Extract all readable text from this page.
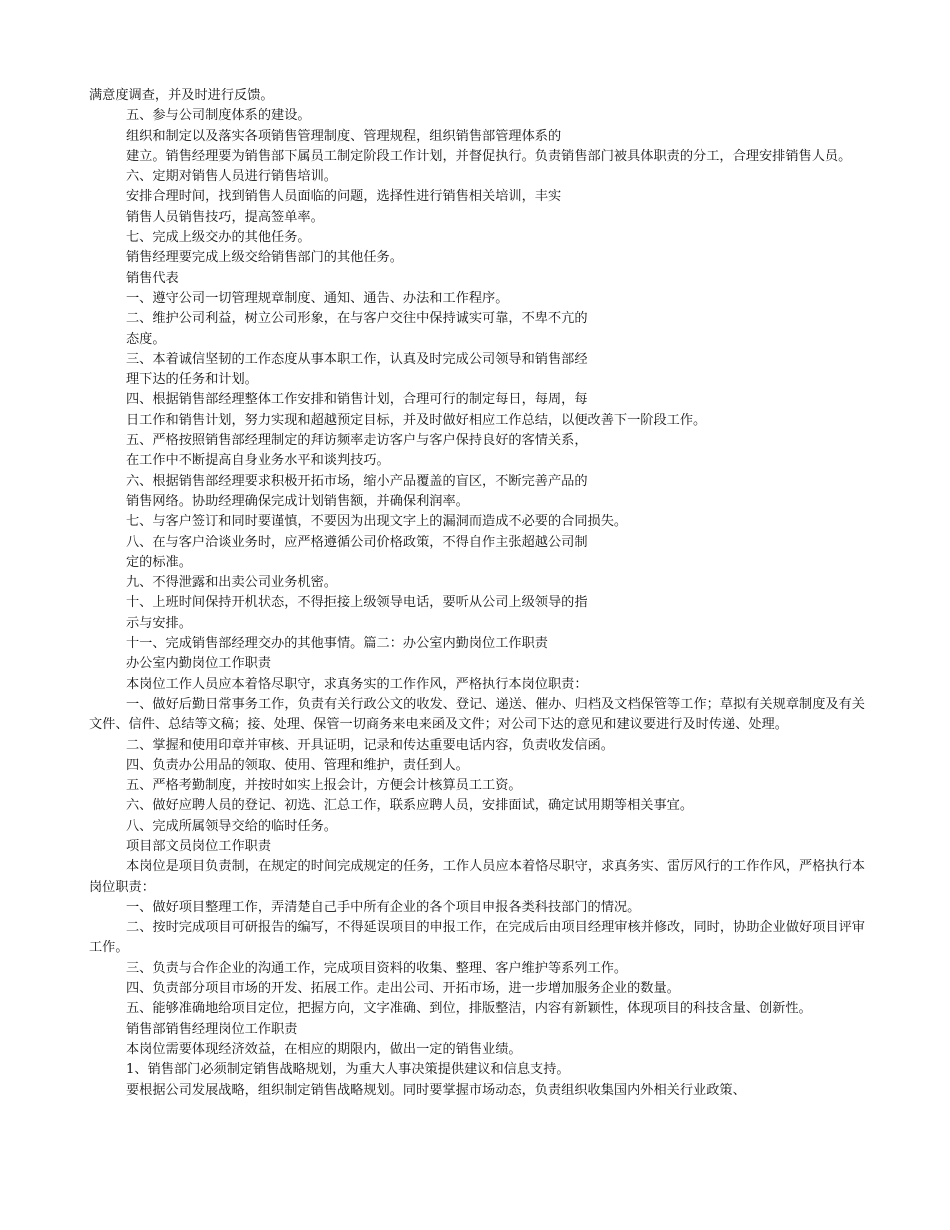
满意度调查，并及时进行反馈。

五、参与公司制度体系的建设。

组织和制定以及落实各项销售管理制度、管理规程，组织销售部管理体系的

建立。销售经理要为销售部下属员工制定阶段工作计划，并督促执行。负责销售部门被具体职责的分工，合理安排销售人员。

六、定期对销售人员进行销售培训。

安排合理时间，找到销售人员面临的问题，选择性进行销售相关培训，丰实

销售人员销售技巧，提高签单率。

七、完成上级交办的其他任务。

销售经理要完成上级交给销售部门的其他任务。

销售代表

一、遵守公司一切管理规章制度、通知、通告、办法和工作程序。

二、维护公司利益，树立公司形象，在与客户交往中保持诚实可靠，不卑不亢的

态度。

三、本着诚信坚韧的工作态度从事本职工作，认真及时完成公司领导和销售部经

理下达的任务和计划。

四、根据销售部经理整体工作安排和销售计划，合理可行的制定每日，每周，每

日工作和销售计划，努力实现和超越预定目标，并及时做好相应工作总结，以便改善下一阶段工作。

五、严格按照销售部经理制定的拜访频率走访客户与客户保持良好的客情关系，

在工作中不断提高自身业务水平和谈判技巧。

六、根据销售部经理要求积极开拓市场，缩小产品覆盖的盲区，不断完善产品的

销售网络。协助经理确保完成计划销售额，并确保利润率。

七、与客户签订和同时要谨慎，不要因为出现文字上的漏洞而造成不必要的合同损失。

八、在与客户洽谈业务时，应严格遵循公司价格政策，不得自作主张超越公司制

定的标准。

九、不得泄露和出卖公司业务机密。

十、上班时间保持开机状态，不得拒接上级领导电话，要听从公司上级领导的指

示与安排。

十一、完成销售部经理交办的其他事情。篇二：办公室内勤岗位工作职责

办公室内勤岗位工作职责

本岗位工作人员应本着恪尽职守，求真务实的工作作风，严格执行本岗位职责：

一、做好后勤日常事务工作，负责有关行政公文的收发、登记、递送、催办、归档及文档保管等工作；草拟有关规章制度及有关文件、信件、总结等文稿；接、处理、保管一切商务来电来函及文件；对公司下达的意见和建议要进行及时传递、处理。

二、掌握和使用印章并审核、开具证明，记录和传达重要电话内容，负责收发信函。

四、负责办公用品的领取、使用、管理和维护，责任到人。

五、严格考勤制度，并按时如实上报会计，方便会计核算员工工资。

六、做好应聘人员的登记、初选、汇总工作，联系应聘人员，安排面试，确定试用期等相关事宜。

八、完成所属领导交给的临时任务。

项目部文员岗位工作职责

本岗位是项目负责制，在规定的时间完成规定的任务，工作人员应本着恪尽职守，求真务实、雷厉风行的工作作风，严格执行本岗位职责：

一、做好项目整理工作，弄清楚自己手中所有企业的各个项目申报各类科技部门的情况。

二、按时完成项目可研报告的编写，不得延误项目的申报工作，在完成后由项目经理审核并修改，同时，协助企业做好项目评审工作。

三、负责与合作企业的沟通工作，完成项目资料的收集、整理、客户维护等系列工作。

四、负责部分项目市场的开发、拓展工作。走出公司、开拓市场，进一步增加服务企业的数量。

五、能够准确地给项目定位，把握方向，文字准确、到位，排版整洁，内容有新颖性，体现项目的科技含量、创新性。

销售部销售经理岗位工作职责

本岗位需要体现经济效益，在相应的期限内，做出一定的销售业绩。

1、销售部门必须制定销售战略规划，为重大人事决策提供建议和信息支持。

要根据公司发展战略，组织制定销售战略规划。同时要掌握市场动态，负责组织收集国内外相关行业政策、
